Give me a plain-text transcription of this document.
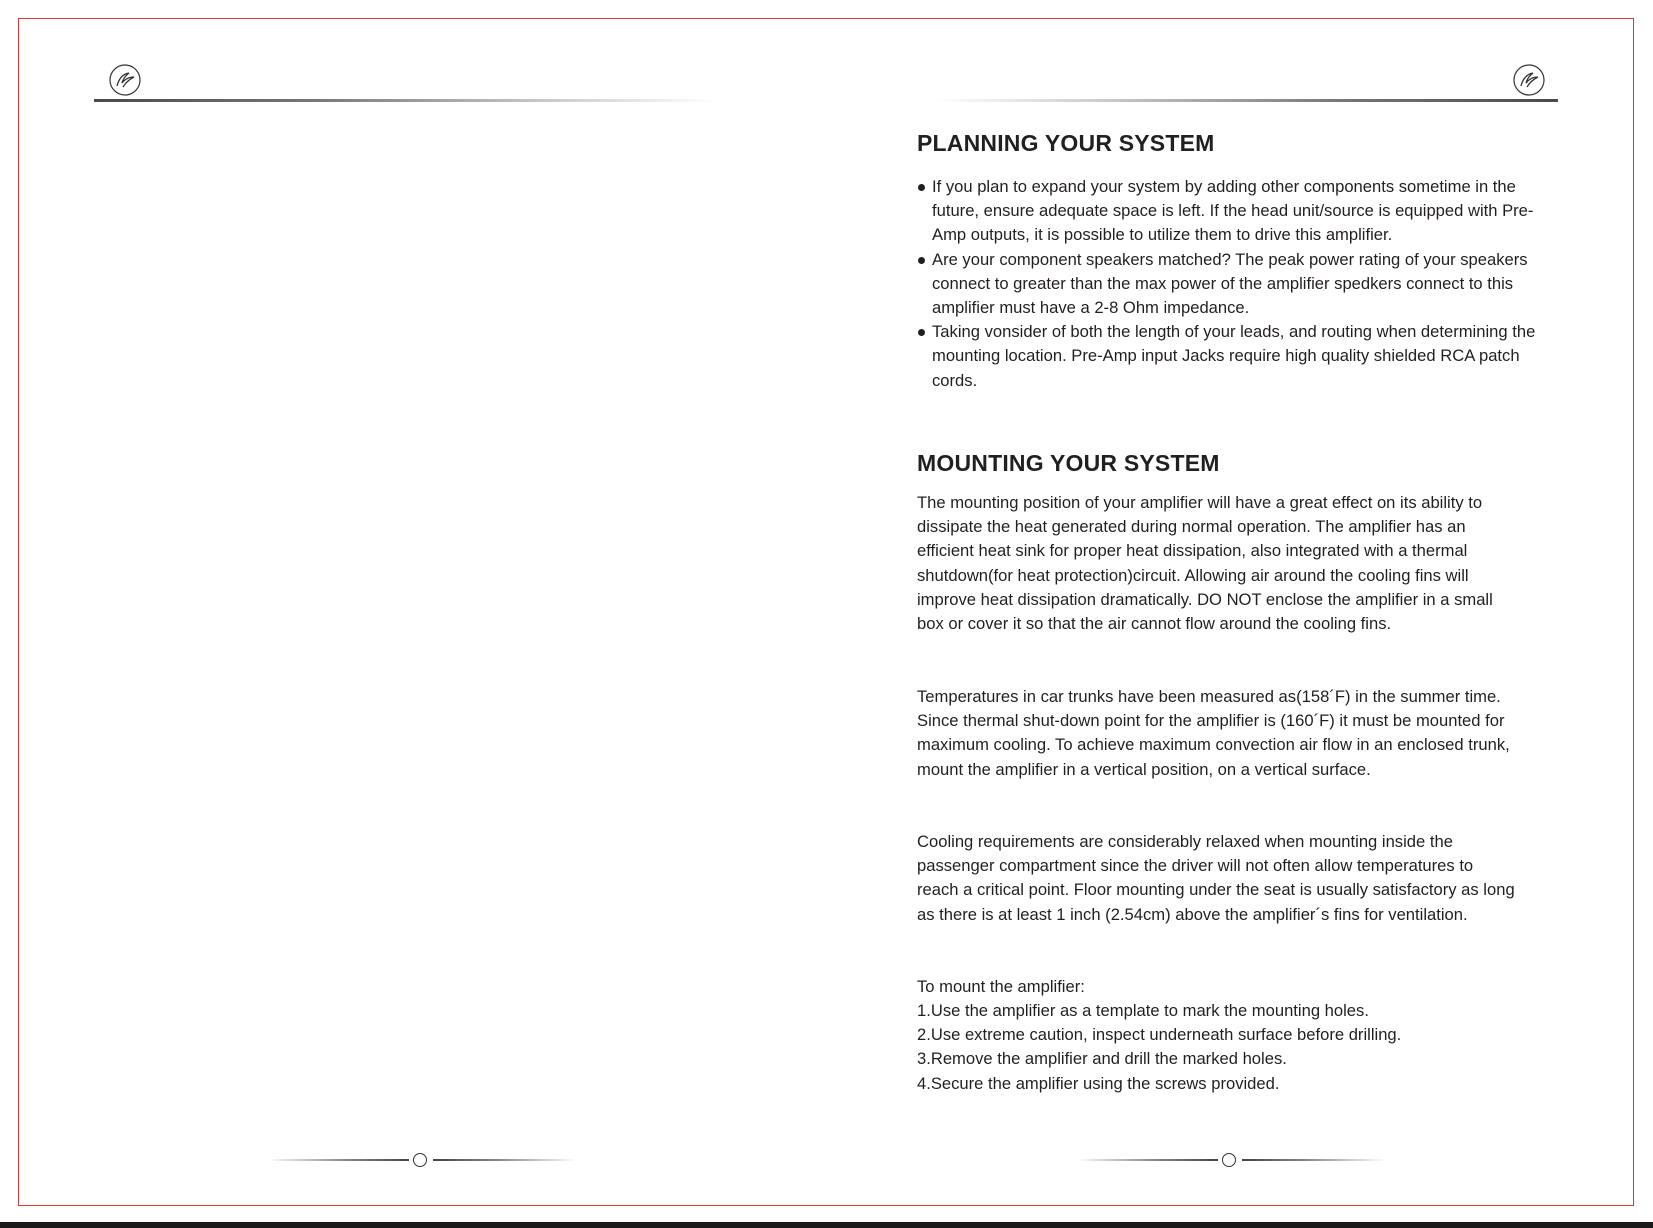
PLANNING YOUR SYSTEM
If you plan to expand your system by adding other components sometime in the future, ensure adequate space is left. If the head unit/source is equipped with Pre-Amp outputs, it is possible to utilize them to drive this amplifier.
Are your component speakers matched? The peak power rating of your speakers connect to greater than the max power of the amplifier spedkers connect to this amplifier must have a 2-8 Ohm impedance.
Taking vonsider of both the length of your leads, and routing when determining the mounting location. Pre-Amp input Jacks require high quality shielded RCA patch cords.
MOUNTING YOUR SYSTEM

The mounting position of your amplifier will have a great effect on its ability to dissipate the heat generated during normal operation. The amplifier has an efficient heat sink for proper heat dissipation, also integrated with a thermal shutdown(for heat protection)circuit. Allowing air around the cooling fins will improve heat dissipation dramatically. DO NOT enclose the amplifier in a small box or cover it so that the air cannot flow around the cooling fins.

Temperatures in car trunks have been measured as(158´F) in the summer time. Since thermal shut-down point for the amplifier is (160´F) it must be mounted for maximum cooling. To achieve maximum convection air flow in an enclosed trunk, mount the amplifier in a vertical position, on a vertical surface.

Cooling requirements are considerably relaxed when mounting inside the passenger compartment since the driver will not often allow temperatures to reach a critical point. Floor mounting under the seat is usually satisfactory as long as there is at least 1 inch (2.54cm) above the amplifier´s fins for ventilation.

To mount the amplifier:

1.Use the amplifier as a template to mark the mounting holes.
2.Use extreme caution, inspect underneath surface before drilling.
3.Remove the amplifier and drill the marked holes.
4.Secure the amplifier using the screws provided.
